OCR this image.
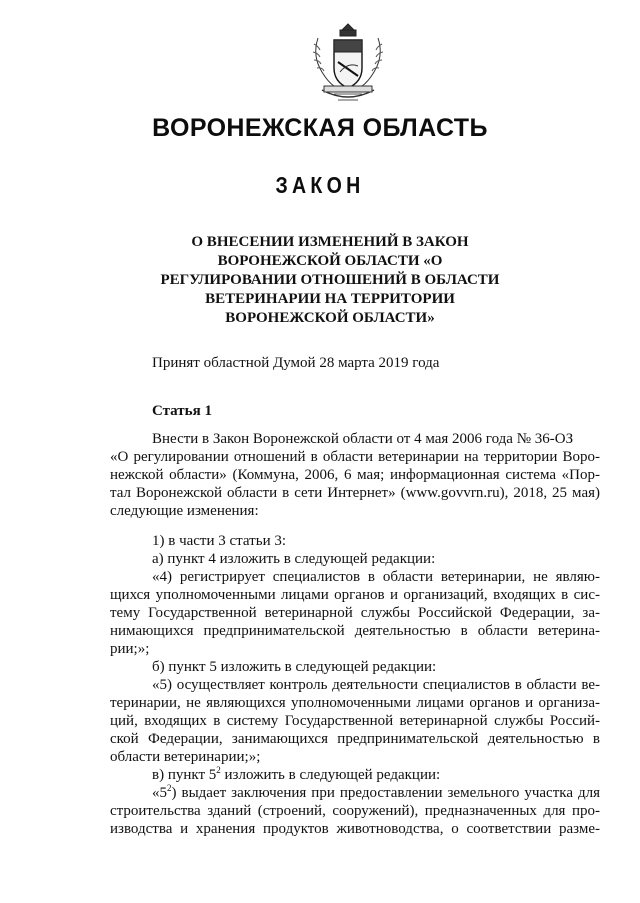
ВОРОНЕЖСКАЯ ОБЛАСТЬ
ЗАКОН
О ВНЕСЕНИИ ИЗМЕНЕНИЙ В ЗАКОН
ВОРОНЕЖСКОЙ ОБЛАСТИ «О
РЕГУЛИРОВАНИИ ОТНОШЕНИЙ В ОБЛАСТИ
ВЕТЕРИНАРИИ НА ТЕРРИТОРИИ
ВОРОНЕЖСКОЙ ОБЛАСТИ»
Принят областной Думой 28 марта 2019 года
Статья 1
Внести в Закон Воронежской области от 4 мая 2006 года № 36-ОЗ
«О регулировании отношений в области ветеринарии на территории Воро-
нежской области» (Коммуна, 2006, 6 мая; информационная система «Пор-
тал Воронежской области в сети Интернет» (www.govvrn.ru), 2018, 25 мая)
следующие изменения:
1) в части 3 статьи 3:
а) пункт 4 изложить в следующей редакции:
«4) регистрирует специалистов в области ветеринарии, не являю-
щихся уполномоченными лицами органов и организаций, входящих в сис-
тему Государственной ветеринарной службы Российской Федерации, за-
нимающихся предпринимательской деятельностью в области ветерина-
рии;»;
б) пункт 5 изложить в следующей редакции:
«5) осуществляет контроль деятельности специалистов в области ве-
теринарии, не являющихся уполномоченными лицами органов и организа-
ций, входящих в систему Государственной ветеринарной службы Россий-
ской Федерации, занимающихся предпринимательской деятельностью в
области ветеринарии;»;
в) пункт $5^2$ изложить в следующей редакции:
«$5^2$) выдает заключения при предоставлении земельного участка для
строительства зданий (строений, сооружений), предназначенных для про-
изводства и хранения продуктов животноводства, о соответствии разме-
